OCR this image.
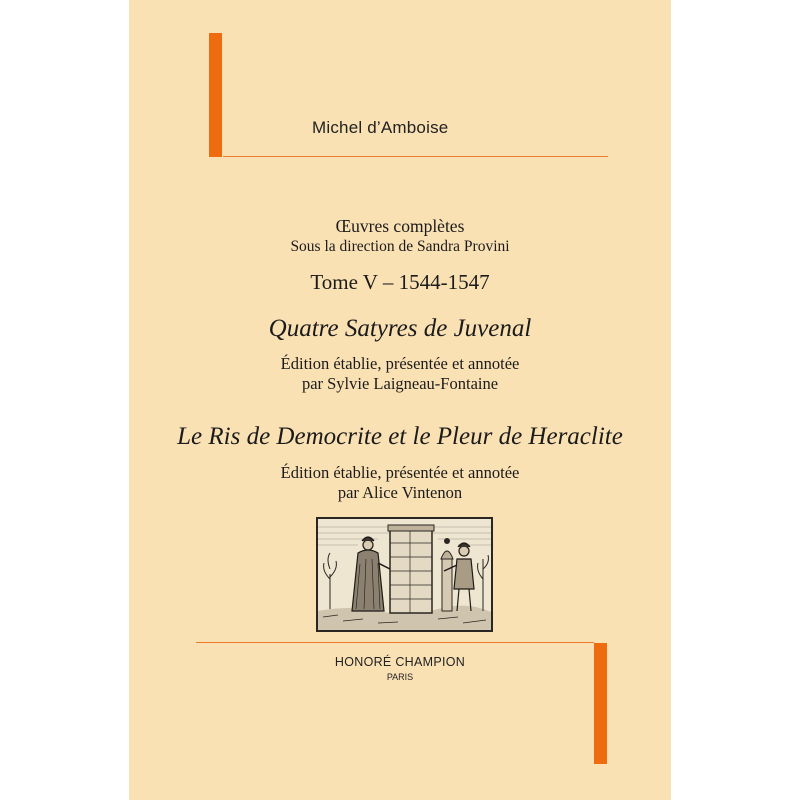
Michel d’Amboise
Œuvres complètes
Sous la direction de Sandra Provini
Tome V – 1544-1547
Quatre Satyres de Juvenal
Édition établie, présentée et annotée
par Sylvie Laigneau-Fontaine
Le Ris de Democrite et le Pleur de Heraclite
Édition établie, présentée et annotée
par Alice Vintenon
HONORÉ CHAMPION
PARIS
